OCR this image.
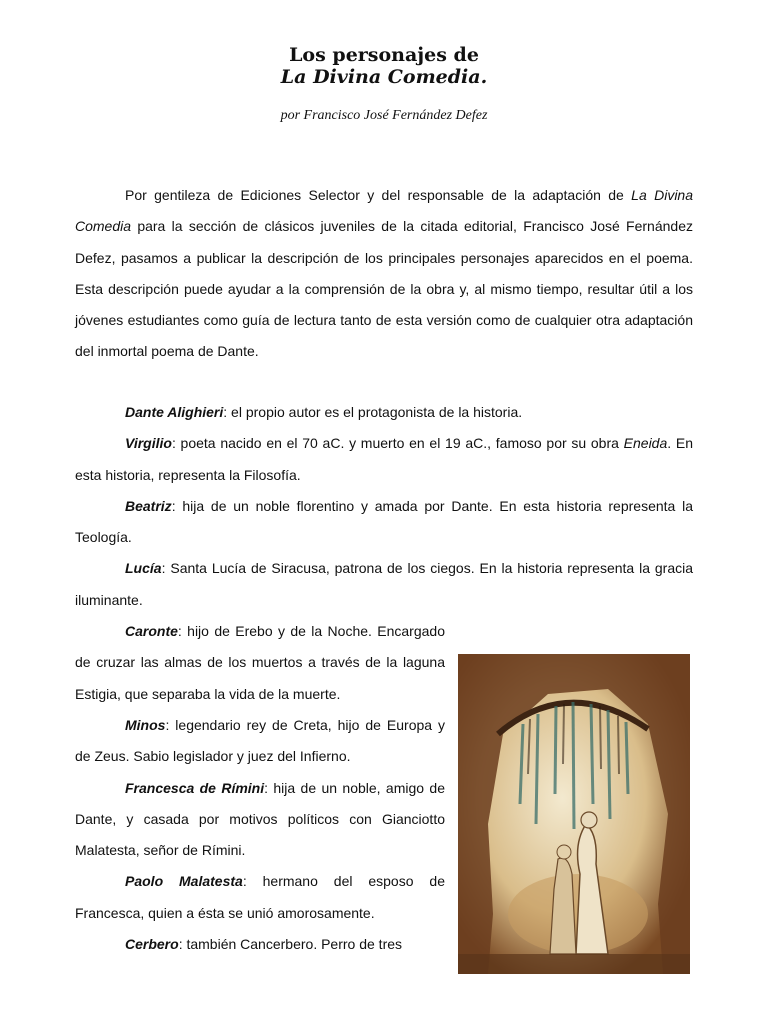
Los personajes de
La Divina Comedia.
por Francisco José Fernández Defez

Por gentileza de Ediciones Selector y del responsable de la adaptación de La Divina Comedia para la sección de clásicos juveniles de la citada editorial, Francisco José Fernández Defez, pasamos a publicar la descripción de los principales personajes aparecidos en el poema. Esta descripción puede ayudar a la comprensión de la obra y, al mismo tiempo, resultar útil a los jóvenes estudiantes como guía de lectura tanto de esta versión como de cualquier otra adaptación del inmortal poema de Dante.

Dante Alighieri: el propio autor es el protagonista de la historia.

Virgilio: poeta nacido en el 70 aC. y muerto en el 19 aC., famoso por su obra Eneida. En esta historia, representa la Filosofía.

Beatriz: hija de un noble florentino y amada por Dante. En esta historia representa la Teología.

Lucía: Santa Lucía de Siracusa, patrona de los ciegos. En la historia representa la gracia iluminante.

Caronte: hijo de Erebo y de la Noche. Encargado de cruzar las almas de los muertos a través de la laguna Estigia, que separaba la vida de la muerte.

Minos: legendario rey de Creta, hijo de Europa y de Zeus. Sabio legislador y juez del Infierno.

Francesca de Rímini: hija de un noble, amigo de Dante, y casada por motivos políticos con Gianciotto Malatesta, señor de Rímini.

Paolo Malatesta: hermano del esposo de Francesca, quien a ésta se unió amorosamente.

Cerbero: también Cancerbero. Perro de tres
